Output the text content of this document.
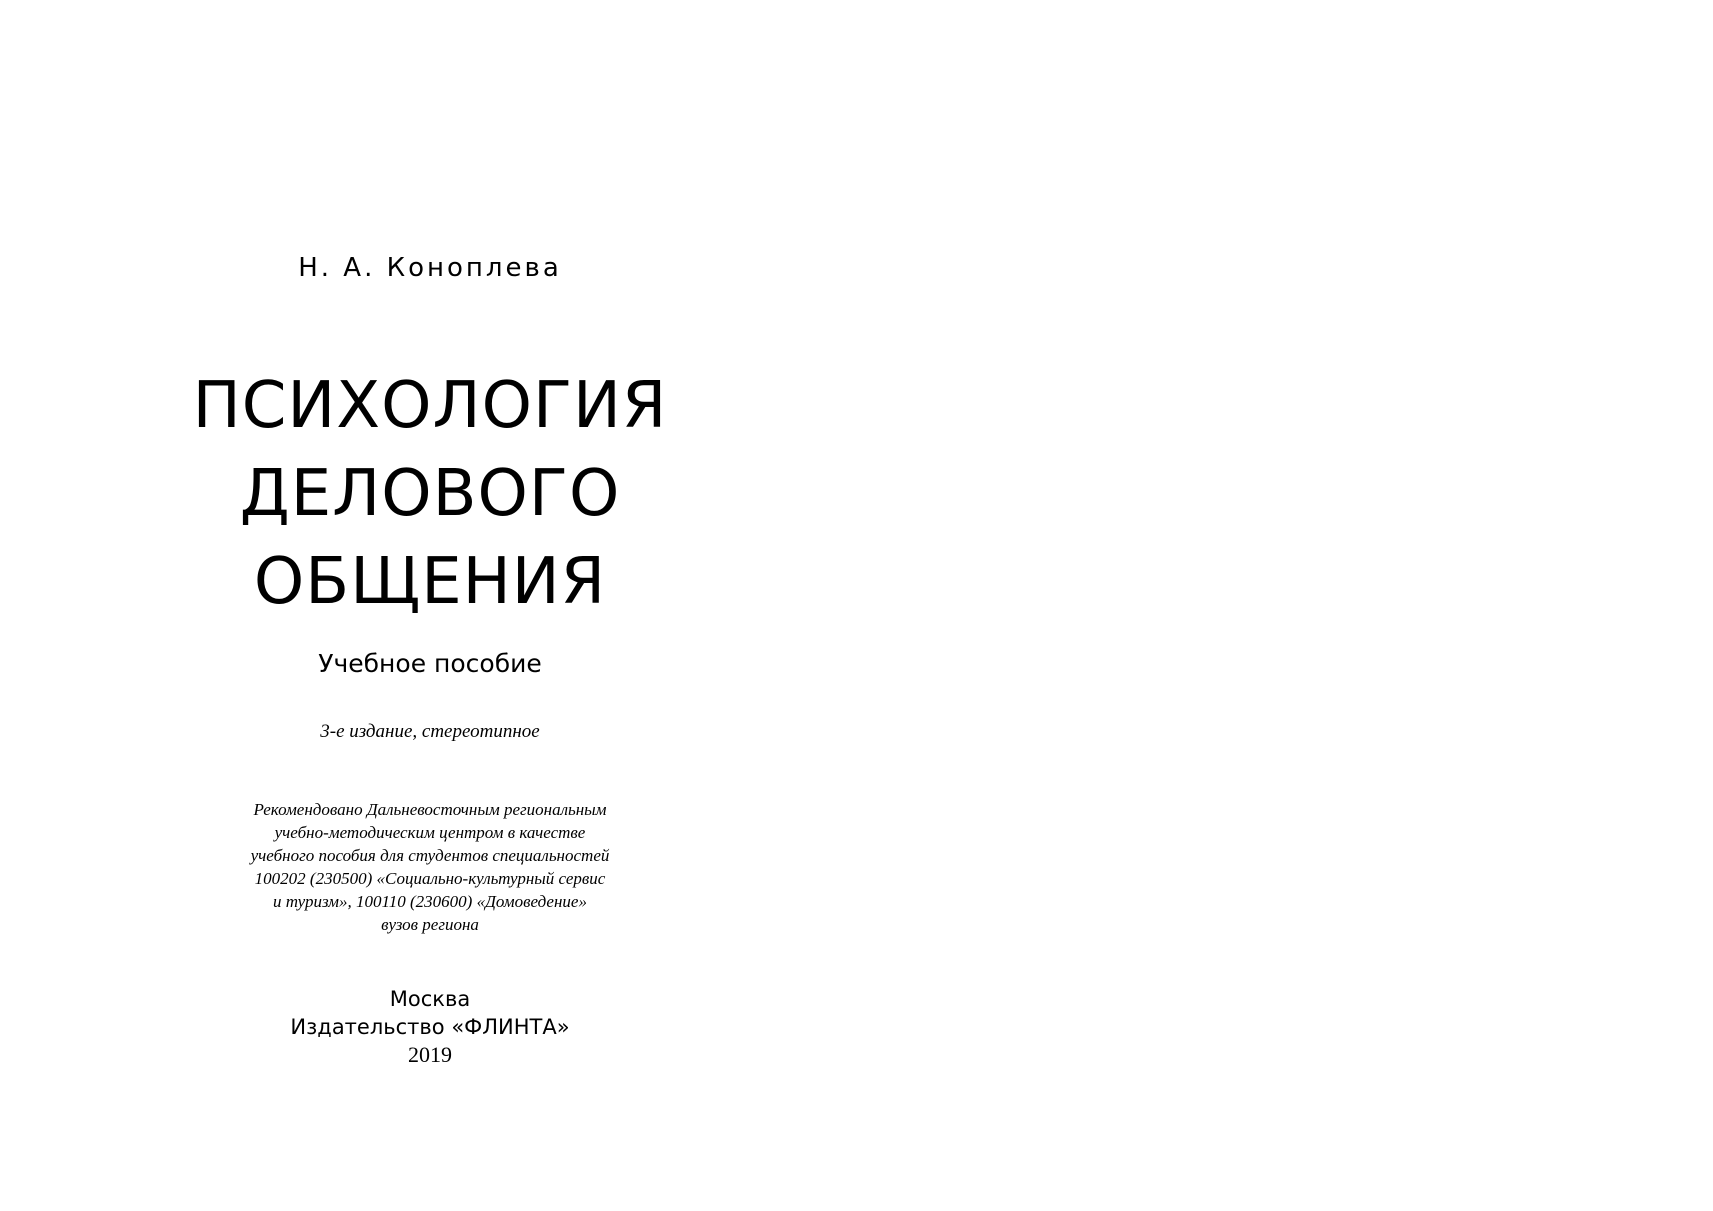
Н. А. Коноплева

ПСИХОЛОГИЯ
ДЕЛОВОГО
ОБЩЕНИЯ

Учебное пособие

3-е издание, стереотипное

Рекомендовано Дальневосточным региональным
учебно-методическим центром в качестве
учебного пособия для студентов специальностей
100202 (230500) «Социально-культурный сервис
и туризм», 100110 (230600) «Домоведение»
вузов региона
Москва
Издательство «ФЛИНТА»
2019
